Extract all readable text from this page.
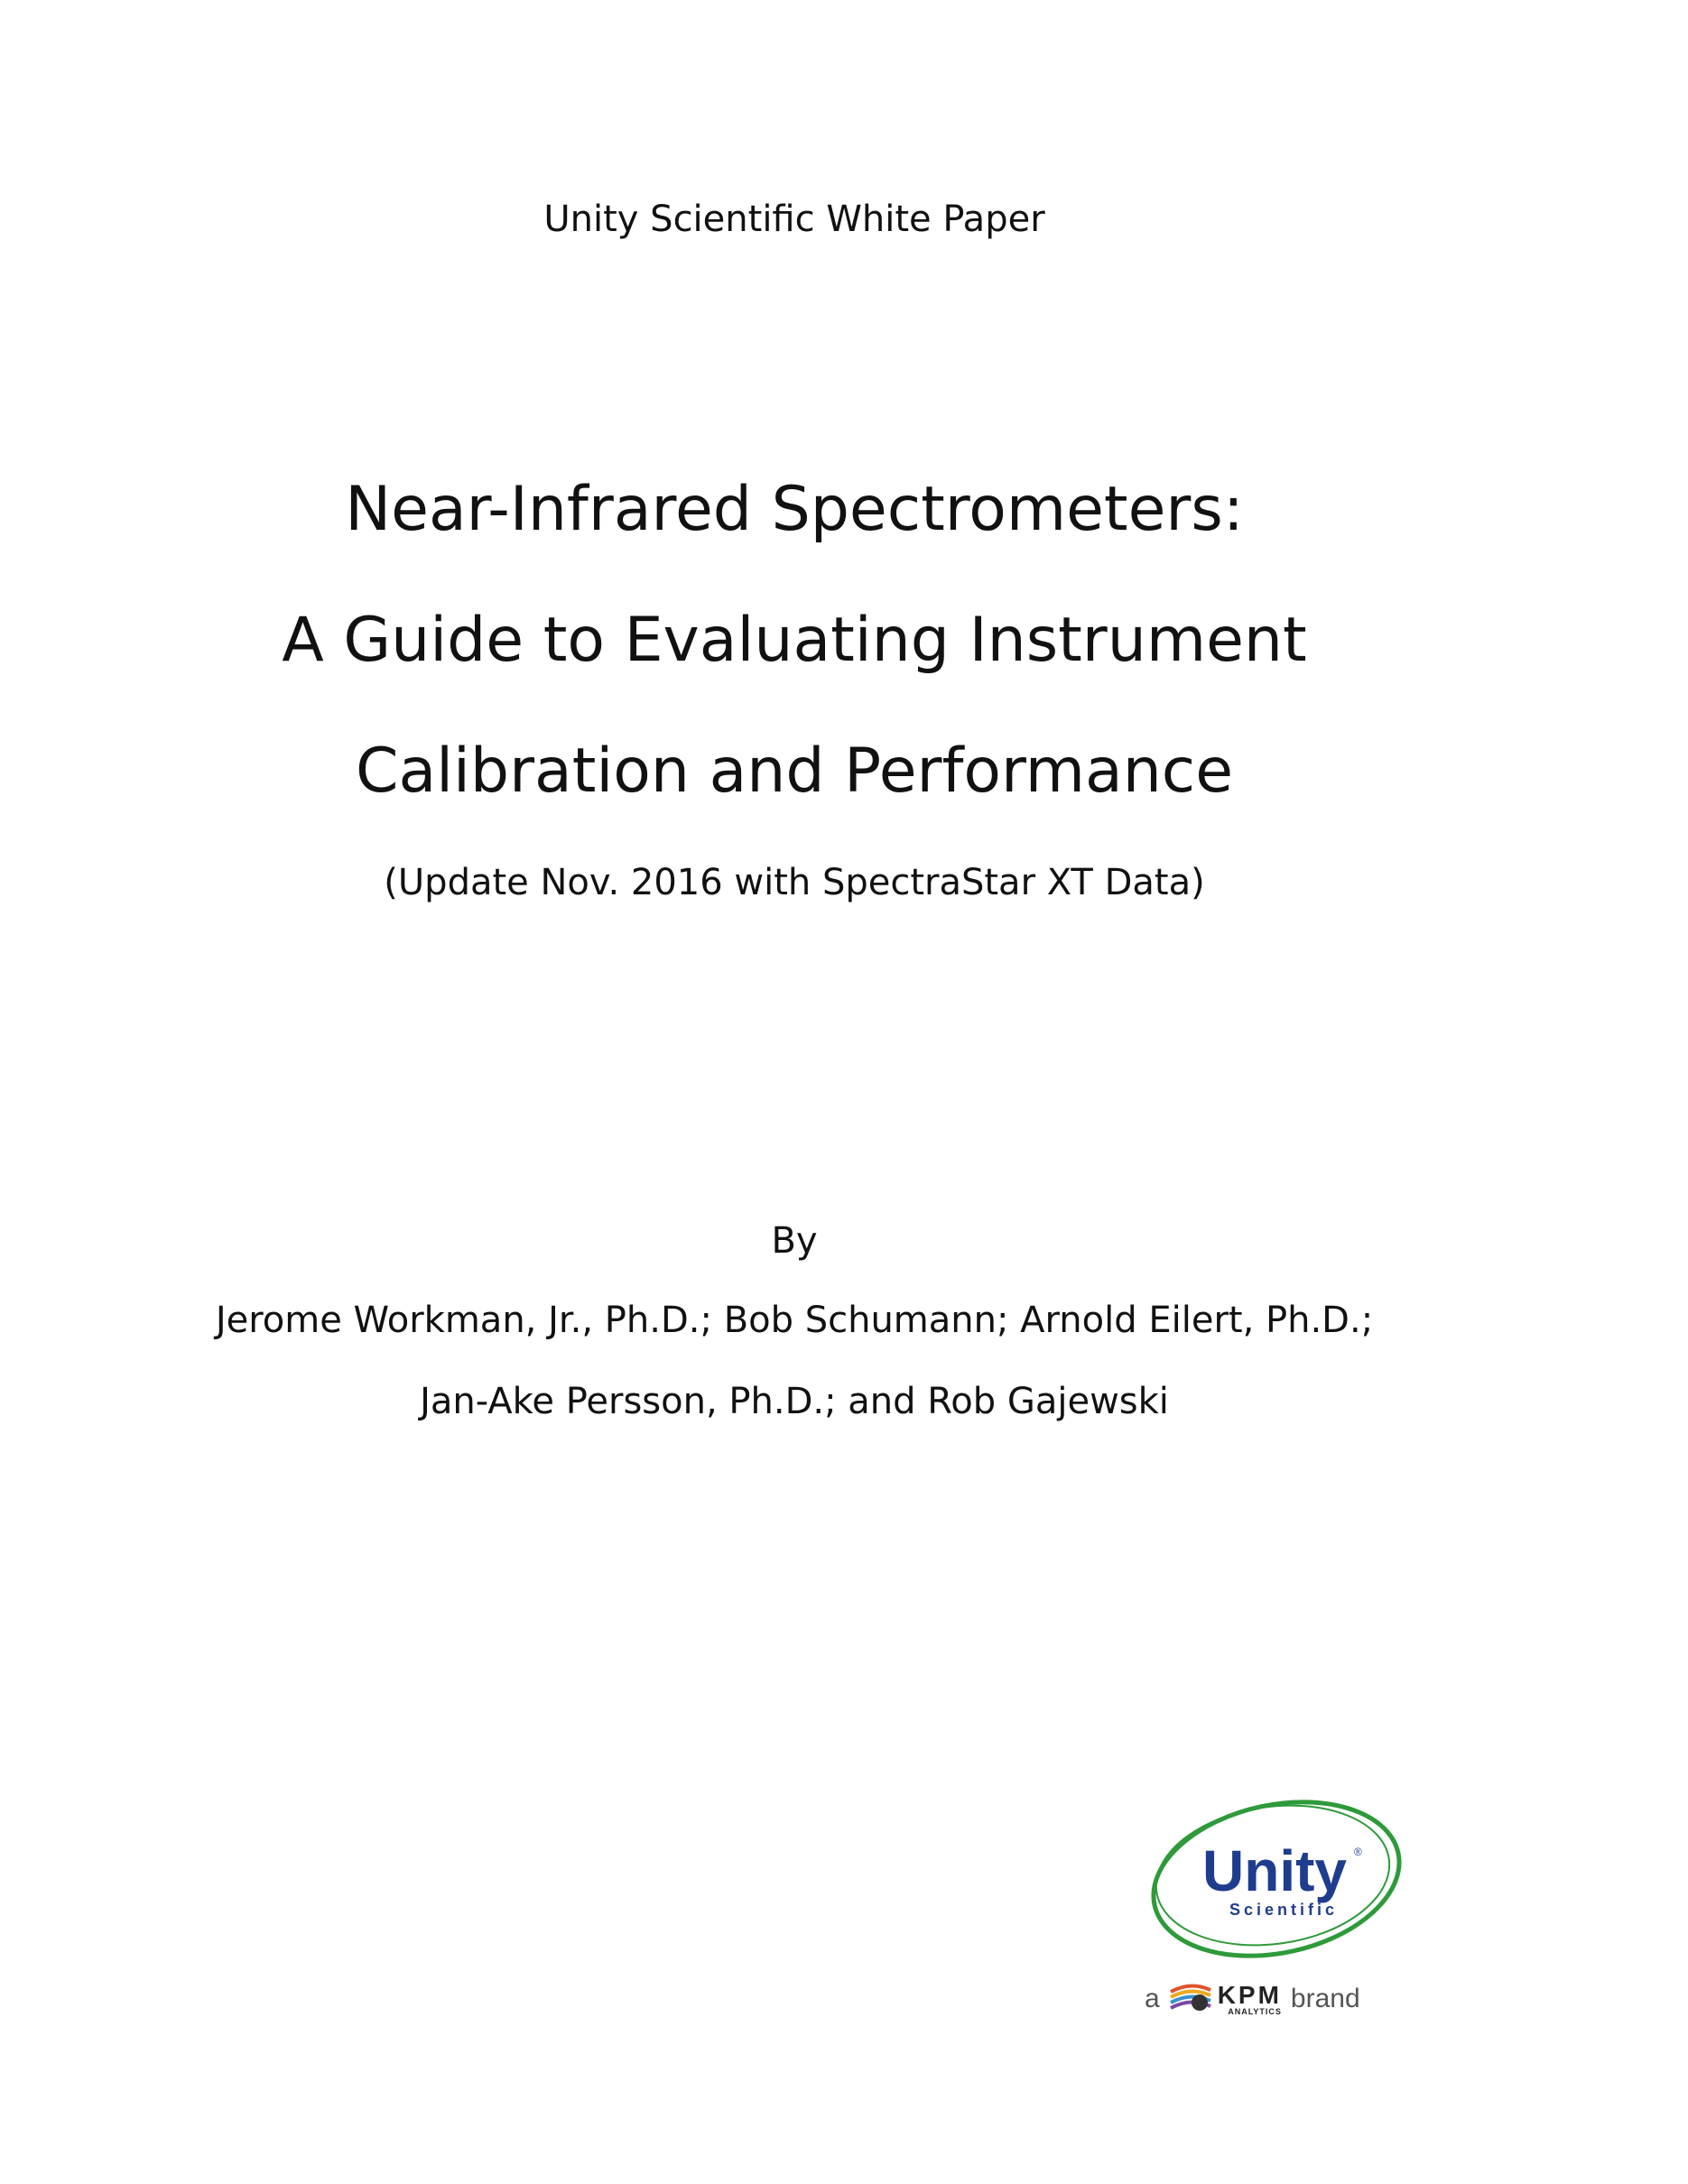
Unity Scientific White Paper
Near-Infrared Spectrometers:
A Guide to Evaluating Instrument
Calibration and Performance
(Update Nov. 2016 with SpectraStar XT Data)
By
Jerome Workman, Jr., Ph.D.; Bob Schumann; Arnold Eilert, Ph.D.;
Jan-Ake Persson, Ph.D.; and Rob Gajewski
Unity ®
Scientific
a KPM
ANALYTICS brand
